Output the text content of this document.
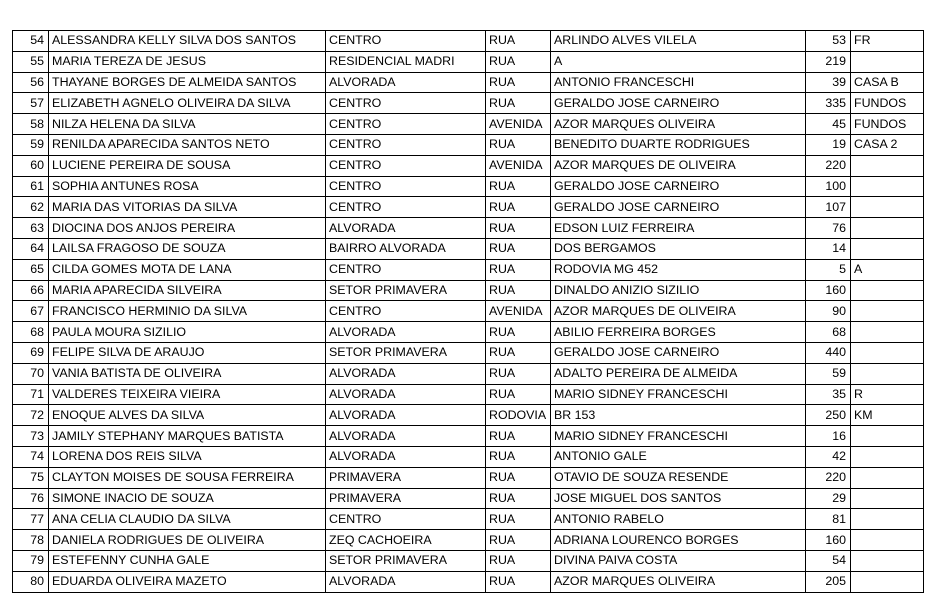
54	ALESSANDRA KELLY SILVA DOS SANTOS	CENTRO	RUA	ARLINDO ALVES VILELA	53	FR
55	MARIA TEREZA DE JESUS	RESIDENCIAL MADRI	RUA	A	219	
56	THAYANE BORGES DE ALMEIDA SANTOS	ALVORADA	RUA	ANTONIO FRANCESCHI	39	CASA B
57	ELIZABETH AGNELO OLIVEIRA DA SILVA	CENTRO	RUA	GERALDO JOSE CARNEIRO	335	FUNDOS
58	NILZA HELENA DA SILVA	CENTRO	AVENIDA	AZOR MARQUES OLIVEIRA	45	FUNDOS
59	RENILDA APARECIDA SANTOS NETO	CENTRO	RUA	BENEDITO DUARTE RODRIGUES	19	CASA 2
60	LUCIENE PEREIRA DE SOUSA	CENTRO	AVENIDA	AZOR MARQUES DE OLIVEIRA	220	
61	SOPHIA ANTUNES ROSA	CENTRO	RUA	GERALDO JOSE CARNEIRO	100	
62	MARIA DAS VITORIAS DA SILVA	CENTRO	RUA	GERALDO JOSE CARNEIRO	107	
63	DIOCINA DOS ANJOS PEREIRA	ALVORADA	RUA	EDSON LUIZ FERREIRA	76	
64	LAILSA FRAGOSO DE SOUZA	BAIRRO ALVORADA	RUA	DOS BERGAMOS	14	
65	CILDA GOMES MOTA DE LANA	CENTRO	RUA	RODOVIA MG 452	5	A
66	MARIA APARECIDA SILVEIRA	SETOR PRIMAVERA	RUA	DINALDO ANIZIO SIZILIO	160	
67	FRANCISCO HERMINIO DA SILVA	CENTRO	AVENIDA	AZOR MARQUES DE OLIVEIRA	90	
68	PAULA MOURA SIZILIO	ALVORADA	RUA	ABILIO FERREIRA BORGES	68	
69	FELIPE SILVA DE ARAUJO	SETOR PRIMAVERA	RUA	GERALDO JOSE CARNEIRO	440	
70	VANIA BATISTA DE OLIVEIRA	ALVORADA	RUA	ADALTO PEREIRA DE ALMEIDA	59	
71	VALDERES TEIXEIRA VIEIRA	ALVORADA	RUA	MARIO SIDNEY FRANCESCHI	35	R
72	ENOQUE ALVES DA SILVA	ALVORADA	RODOVIA	BR 153	250	KM
73	JAMILY STEPHANY MARQUES BATISTA	ALVORADA	RUA	MARIO SIDNEY FRANCESCHI	16	
74	LORENA DOS REIS SILVA	ALVORADA	RUA	ANTONIO GALE	42	
75	CLAYTON MOISES DE SOUSA FERREIRA	PRIMAVERA	RUA	OTAVIO DE SOUZA RESENDE	220	
76	SIMONE INACIO DE SOUZA	PRIMAVERA	RUA	JOSE MIGUEL DOS SANTOS	29	
77	ANA CELIA CLAUDIO DA SILVA	CENTRO	RUA	ANTONIO RABELO	81	
78	DANIELA RODRIGUES DE OLIVEIRA	ZEQ CACHOEIRA	RUA	ADRIANA LOURENCO BORGES	160	
79	ESTEFENNY CUNHA GALE	SETOR PRIMAVERA	RUA	DIVINA PAIVA COSTA	54	
80	EDUARDA OLIVEIRA MAZETO	ALVORADA	RUA	AZOR MARQUES OLIVEIRA	205	
